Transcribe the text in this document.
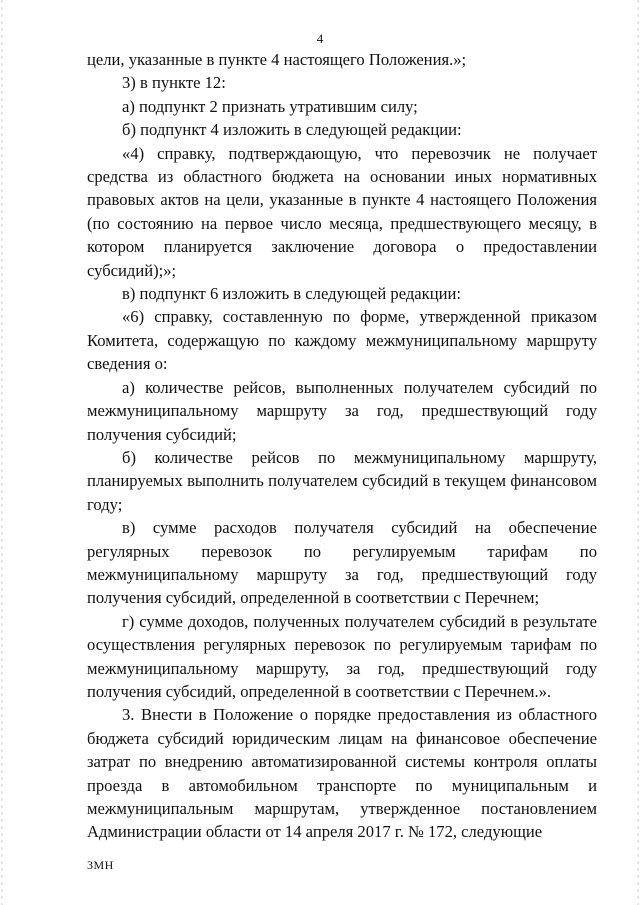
4

цели, указанные в пункте 4 настоящего Положения.»;

3) в пункте 12:

а) подпункт 2 признать утратившим силу;

б) подпункт 4 изложить в следующей редакции:

«4) справку, подтверждающую, что перевозчик не получает средства из областного бюджета на основании иных нормативных правовых актов на цели, указанные в пункте 4 настоящего Положения (по состоянию на первое число месяца, предшествующего месяцу, в котором планируется заключение договора о предоставлении субсидий);»;

в) подпункт 6 изложить в следующей редакции:

«6) справку, составленную по форме, утвержденной приказом Комитета, содержащую по каждому межмуниципальному маршруту сведения о:

а) количестве рейсов, выполненных получателем субсидий по межмуниципальному маршруту за год, предшествующий году получения субсидий;

б) количестве рейсов по межмуниципальному маршруту, планируемых выполнить получателем субсидий в текущем финансовом году;

в) сумме расходов получателя субсидий на обеспечение регулярных перевозок по регулируемым тарифам по межмуниципальному маршруту за год, предшествующий году получения субсидий, определенной в соответствии с Перечнем;

г) сумме доходов, полученных получателем субсидий в результате осуществления регулярных перевозок по регулируемым тарифам по межмуниципальному маршруту, за год, предшествующий году получения субсидий, определенной в соответствии с Перечнем.».

3. Внести в Положение о порядке предоставления из областного бюджета субсидий юридическим лицам на финансовое обеспечение затрат по внедрению автоматизированной системы контроля оплаты проезда в автомобильном транспорте по муниципальным и межмуниципальным маршрутам, утвержденное постановлением Администрации области от 14 апреля 2017 г. № 172, следующие

3МН
